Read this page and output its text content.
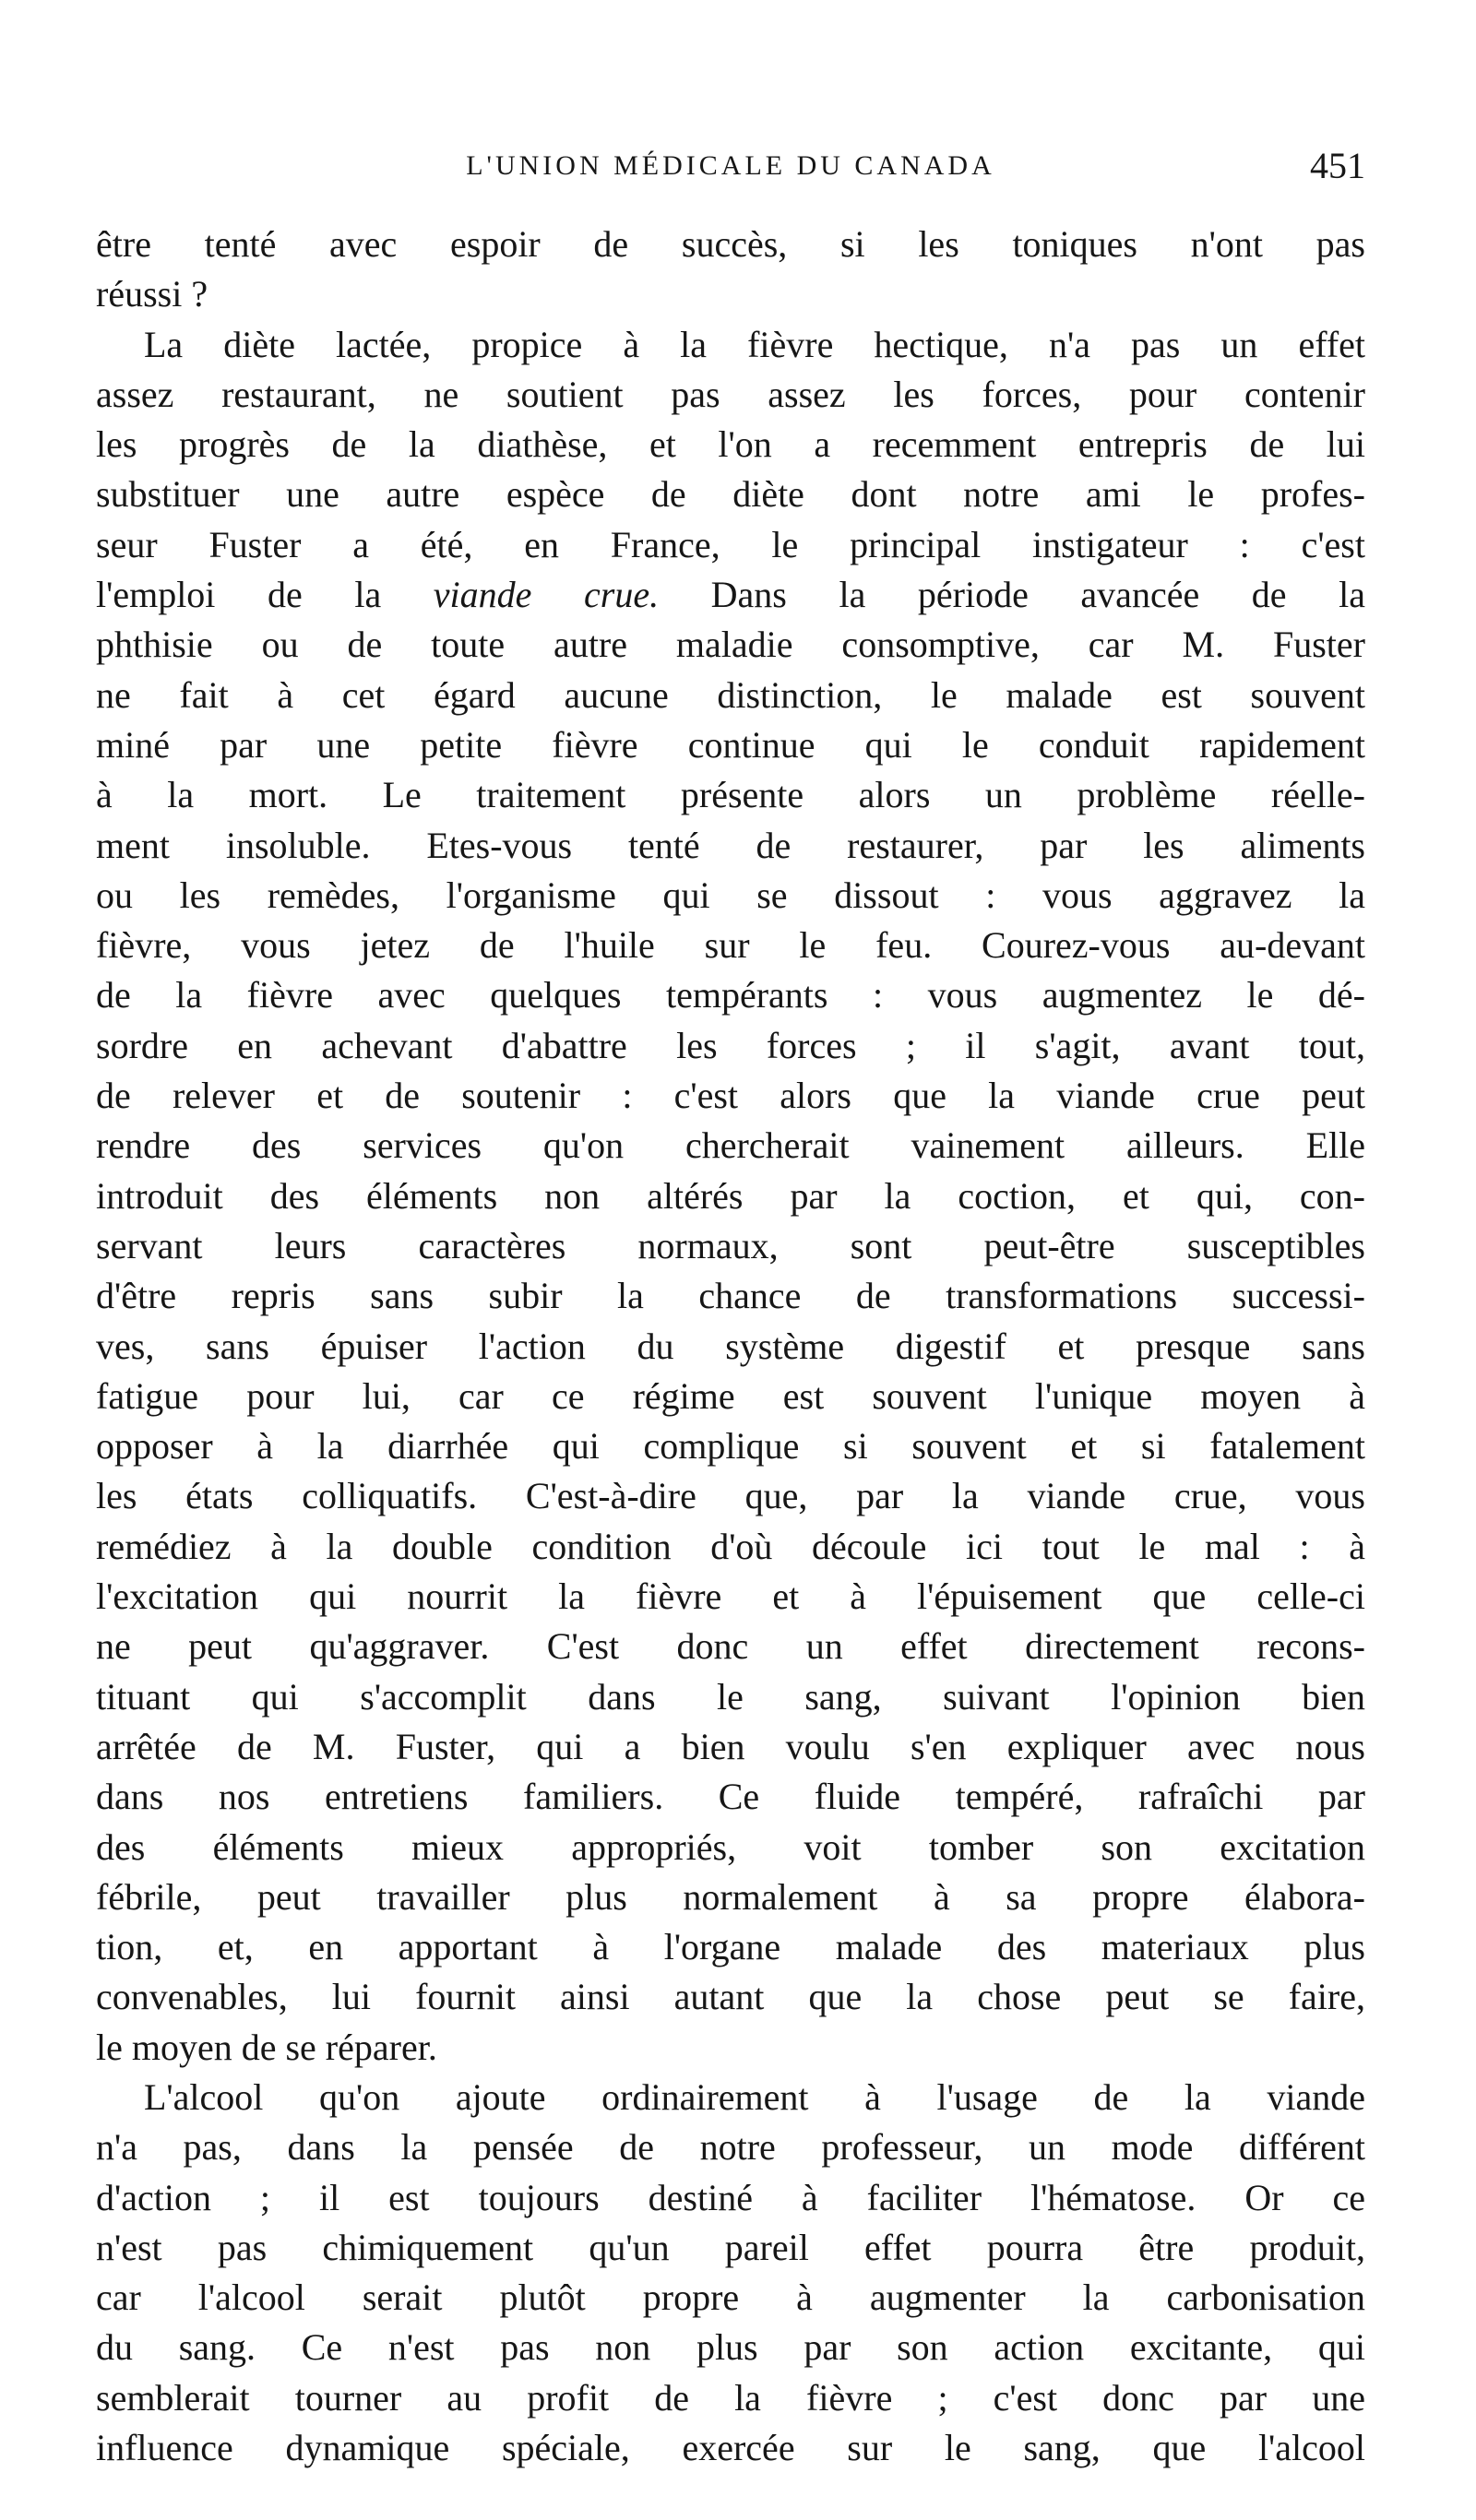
L'UNION MÉDICALE DU CANADA	451
être tenté avec espoir de succès, si les toniques n'ont pas
réussi ?
La diète lactée, propice à la fièvre hectique, n'a pas un effet
assez restaurant, ne soutient pas assez les forces, pour contenir
les progrès de la diathèse, et l'on a recemment entrepris de lui
substituer une autre espèce de diète dont notre ami le profes-
seur Fuster a été, en France, le principal instigateur : c'est
l'emploi de la viande crue. Dans la période avancée de la
phthisie ou de toute autre maladie consomptive, car M. Fuster
ne fait à cet égard aucune distinction, le malade est souvent
miné par une petite fièvre continue qui le conduit rapidement
à la mort. Le traitement présente alors un problème réelle-
ment insoluble. Etes-vous tenté de restaurer, par les aliments
ou les remèdes, l'organisme qui se dissout : vous aggravez la
fièvre, vous jetez de l'huile sur le feu. Courez-vous au-devant
de la fièvre avec quelques tempérants : vous augmentez le dé-
sordre en achevant d'abattre les forces ; il s'agit, avant tout,
de relever et de soutenir : c'est alors que la viande crue peut
rendre des services qu'on chercherait vainement ailleurs. Elle
introduit des éléments non altérés par la coction, et qui, con-
servant leurs caractères normaux, sont peut-être susceptibles
d'être repris sans subir la chance de transformations successi-
ves, sans épuiser l'action du système digestif et presque sans
fatigue pour lui, car ce régime est souvent l'unique moyen à
opposer à la diarrhée qui complique si souvent et si fatalement
les états colliquatifs. C'est-à-dire que, par la viande crue, vous
remédiez à la double condition d'où découle ici tout le mal : à
l'excitation qui nourrit la fièvre et à l'épuisement que celle-ci
ne peut qu'aggraver. C'est donc un effet directement recons-
tituant qui s'accomplit dans le sang, suivant l'opinion bien
arrêtée de M. Fuster, qui a bien voulu s'en expliquer avec nous
dans nos entretiens familiers. Ce fluide tempéré, rafraîchi par
des éléments mieux appropriés, voit tomber son excitation
fébrile, peut travailler plus normalement à sa propre élabora-
tion, et, en apportant à l'organe malade des materiaux plus
convenables, lui fournit ainsi autant que la chose peut se faire,
le moyen de se réparer.
L'alcool qu'on ajoute ordinairement à l'usage de la viande
n'a pas, dans la pensée de notre professeur, un mode différent
d'action ; il est toujours destiné à faciliter l'hématose. Or ce
n'est pas chimiquement qu'un pareil effet pourra être produit,
car l'alcool serait plutôt propre à augmenter la carbonisation
du sang. Ce n'est pas non plus par son action excitante, qui
semblerait tourner au profit de la fièvre ; c'est donc par une
influence dynamique spéciale, exercée sur le sang, que l'alcool
